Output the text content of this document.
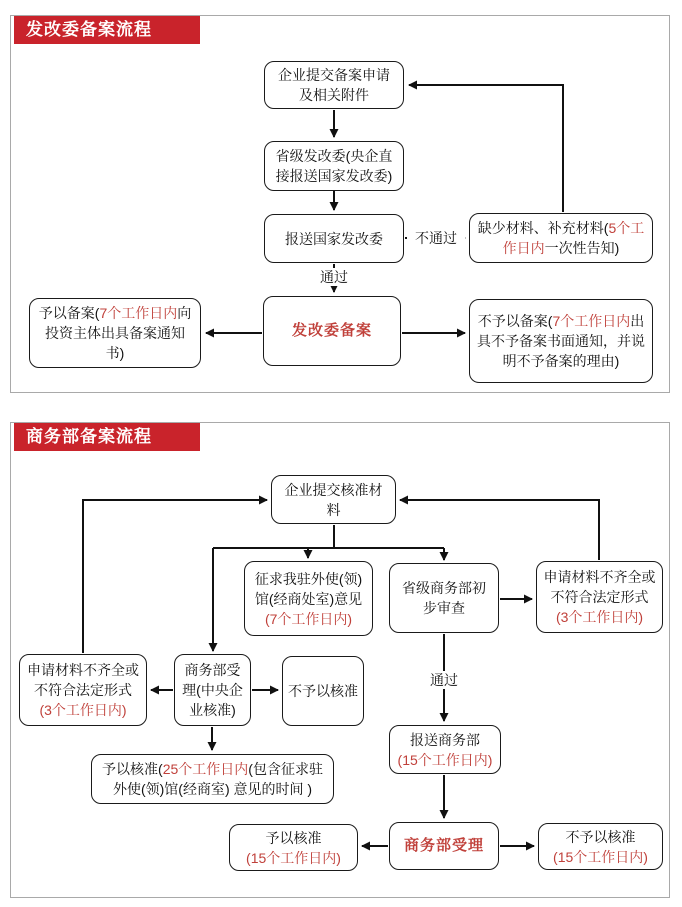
发改委备案流程
企业提交备案申请及相关附件
省级发改委(央企直接报送国家发改委)
报送国家发改委
缺少材料、补充材料(5个工作日内一次性告知)
发改委备案
予以备案(7个工作日内向投资主体出具备案通知书)
不予以备案(7个工作日内出具不予备案书面通知，并说明不予备案的理由)
通过
不通过
商务部备案流程
企业提交核准材料
征求我驻外使(领)馆(经商处室)意见
(7个工作日内)
省级商务部初步审查
申请材料不齐全或不符合法定形式
(3个工作日内)
申请材料不齐全或不符合法定形式
(3个工作日内)
商务部受理(中央企业核准)
不予以核准
予以核准(25个工作日内(包含征求驻外使(领)馆(经商室) 意见的时间 )
报送商务部
(15个工作日内)
商务部受理
予以核准
(15个工作日内)
不予以核准
(15个工作日内)
通过
